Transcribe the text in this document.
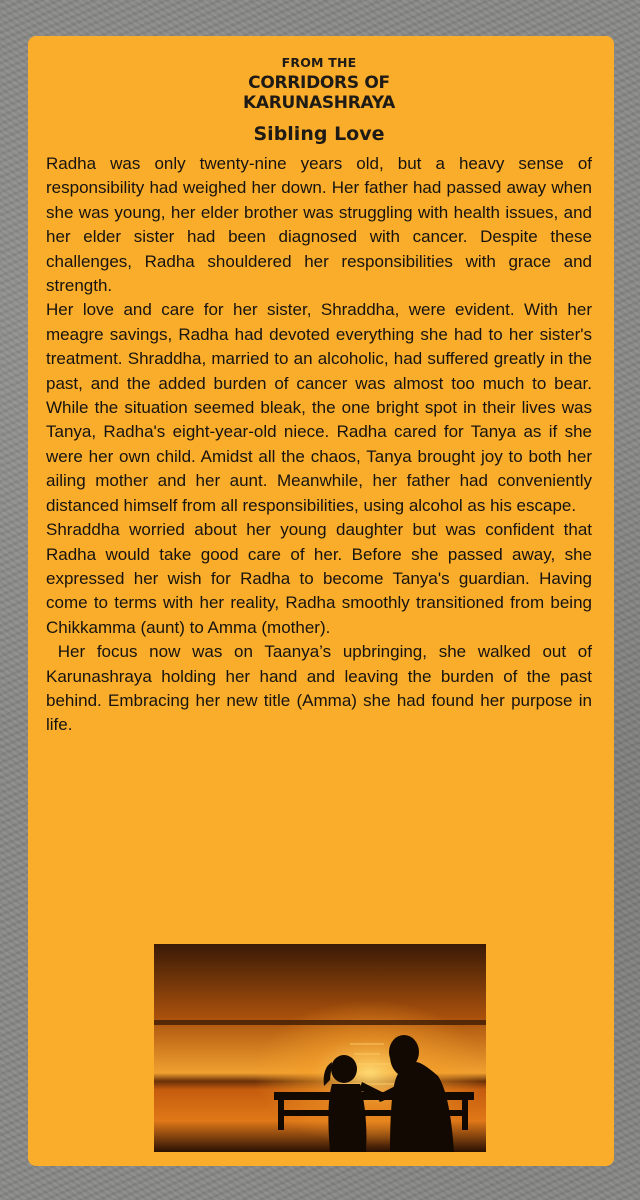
FROM THE

CORRIDORS OF

KARUNASHRAYA

Sibling Love

Radha was only twenty-nine years old, but a heavy sense of responsibility had weighed her down. Her father had passed away when she was young, her elder brother was struggling with health issues, and her elder sister had been diagnosed with cancer. Despite these challenges, Radha shouldered her responsibilities with grace and strength.

Her love and care for her sister, Shraddha, were evident. With her meagre savings, Radha had devoted everything she had to her sister's treatment. Shraddha, married to an alcoholic, had suffered greatly in the past, and the added burden of cancer was almost too much to bear. While the situation seemed bleak, the one bright spot in their lives was Tanya, Radha's eight-year-old niece. Radha cared for Tanya as if she were her own child. Amidst all the chaos, Tanya brought joy to both her ailing mother and her aunt. Meanwhile, her father had conveniently distanced himself from all responsibilities, using alcohol as his escape.

Shraddha worried about her young daughter but was confident that Radha would take good care of her. Before she passed away, she expressed her wish for Radha to become Tanya's guardian. Having come to terms with her reality, Radha smoothly transitioned from being Chikkamma (aunt) to Amma (mother).

Her focus now was on Taanya’s upbringing, she walked out of Karunashraya holding her hand and leaving the burden of the past behind. Embracing her new title (Amma) she had found her purpose in life.
